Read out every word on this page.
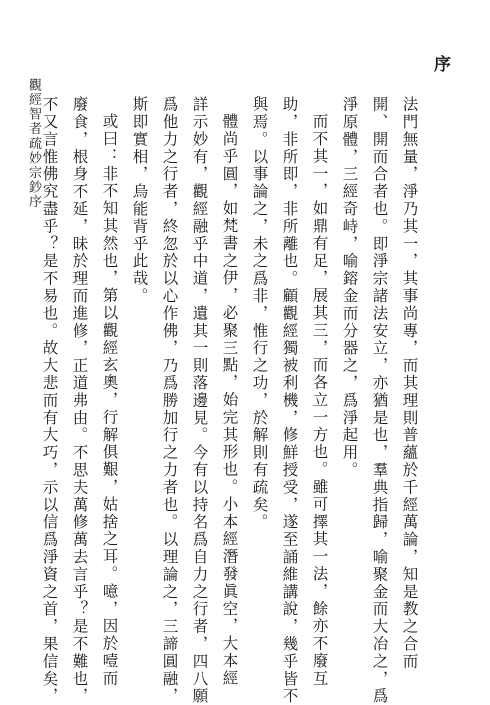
觀經智者疏妙宗鈔序
序
法門無量，淨乃其一，其事尚專，而其理則普蘊於千經萬論，知是教之合而
開、開而合者也。即淨宗諸法安立，亦猶是也，羣典指歸，喻聚金而大冶之，爲
淨原體，三經奇峙，喻鎔金而分器之，爲淨起用。
而不其一，如鼎有足，展其三，而各立一方也。雖可擇其一法，餘亦不廢互
助，非所即，非所離也。顧觀經獨被利機，修鮮授受，遂至誦維講說，幾乎皆不
與焉。以事論之，未之爲非，惟行之功，於解則有疏矣。
體尚乎圓，如梵書之伊，必聚三點，始完其形也。小本經潛發眞空，大本經
詳示妙有，觀經融乎中道，遺其一則落邊見。今有以持名爲自力之行者，四八願
爲他力之行者，終忽於以心作佛，乃爲勝加行之力者也。以理論之，三諦圓融，
斯即實相，烏能背乎此哉。
或曰：非不知其然也，第以觀經玄奧，行解俱艱，姑捨之耳。噫，因於噎而
廢食，根身不延，昧於理而進修，正道弗由。不思夫萬修萬去言乎？是不難也，
不又言惟佛究盡乎？是不易也。故大悲而有大巧，示以信爲淨資之首，果信矣，
